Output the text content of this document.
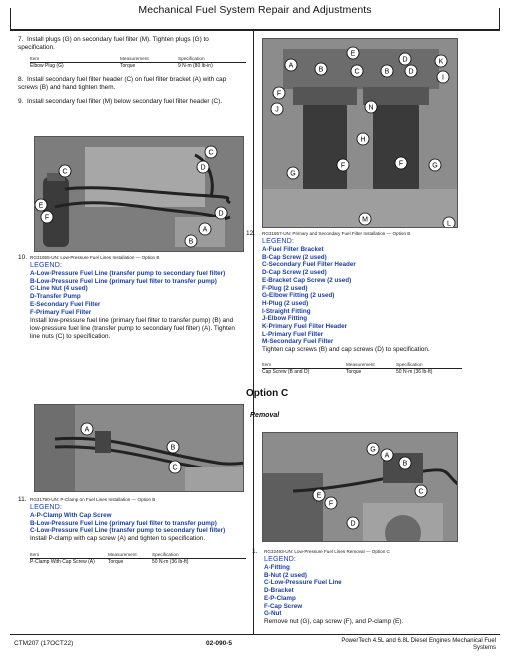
Mechanical Fuel System Repair and Adjustments
7. Install plugs (G) on secondary fuel filter (M). Tighten plugs (G) to specification.
Item	Measurement	Specification
Elbow Plug (G)	Torque	9 N·m (80 lb-in)
8. Install secondary fuel filter header (C) on fuel filter bracket (A) with cap screws (B) and hand tighten them.
9. Install secondary fuel filter (M) below secondary fuel filter header (C).
C
C
D
E
F
A
D
B
10. RG31655-UN: Low-Pressure Fuel Lines Installation — Option B
LEGEND:
A-Low-Pressure Fuel Line (transfer pump to secondary fuel filter)
B-Low-Pressure Fuel Line (primary fuel filter to transfer pump)
C-Line Nut (4 used)
D-Transfer Pump
E-Secondary Fuel Filter
F-Primary Fuel Filter
Install low-pressure fuel line (primary fuel filter to transfer pump) (B) and low-pressure fuel line (transfer pump to secondary fuel filter) (A). Tighten line nuts (C) to specification.
A
B
C
11. RG31790-UN: P-Clamp on Fuel Lines Installation — Option B
LEGEND:
A-P-Clamp With Cap Screw
B-Low-Pressure Fuel Line (primary fuel filter to transfer pump)
C-Low-Pressure Fuel Line (transfer pump to secondary fuel filter)
Install P-clamp with cap screw (A) and tighten to specification.
Item	Measurement	Specification
P-Clamp With Cap Screw (A)	Torque	50 N·m (36 lb-ft)
E
D
A
B	C	B	D
K
I
F
J	N
H
F	F
G
G
M
L
12.	RG31657-UN: Primary and Secondary Fuel Filter Installation — Option B
LEGEND:
A-Fuel Filter Bracket
B-Cap Screw (2 used)
C-Secondary Fuel Filter Header
D-Cap Screw (2 used)
E-Bracket Cap Screw (2 used)
F-Plug (2 used)
G-Elbow Fitting (2 used)
H-Plug (2 used)
I-Straight Fitting
J-Elbow Fitting
K-Primary Fuel Filter Header
L-Primary Fuel Filter
M-Secondary Fuel Filter
Tighten cap screws (B) and cap screws (D) to specification.
Item	Measurement	Specification
Cap Screw (B and D)	Torque	50 N·m (36 lb-ft)
Option C
Removal
G
A
B
E
F
C
D
1.	RG32493-UN: Low-Pressure Fuel Lines Removal — Option C
LEGEND:
A-Fitting
B-Nut (2 used)
C-Low-Pressure Fuel Line
D-Bracket
E-P-Clamp
F-Cap Screw
G-Nut
Remove nut (G), cap screw (F), and P-clamp (E).
CTM207 (17OCT22)	02-090-5	PowerTech 4.5L and 6.8L Diesel Engines Mechanical Fuel
Systems
